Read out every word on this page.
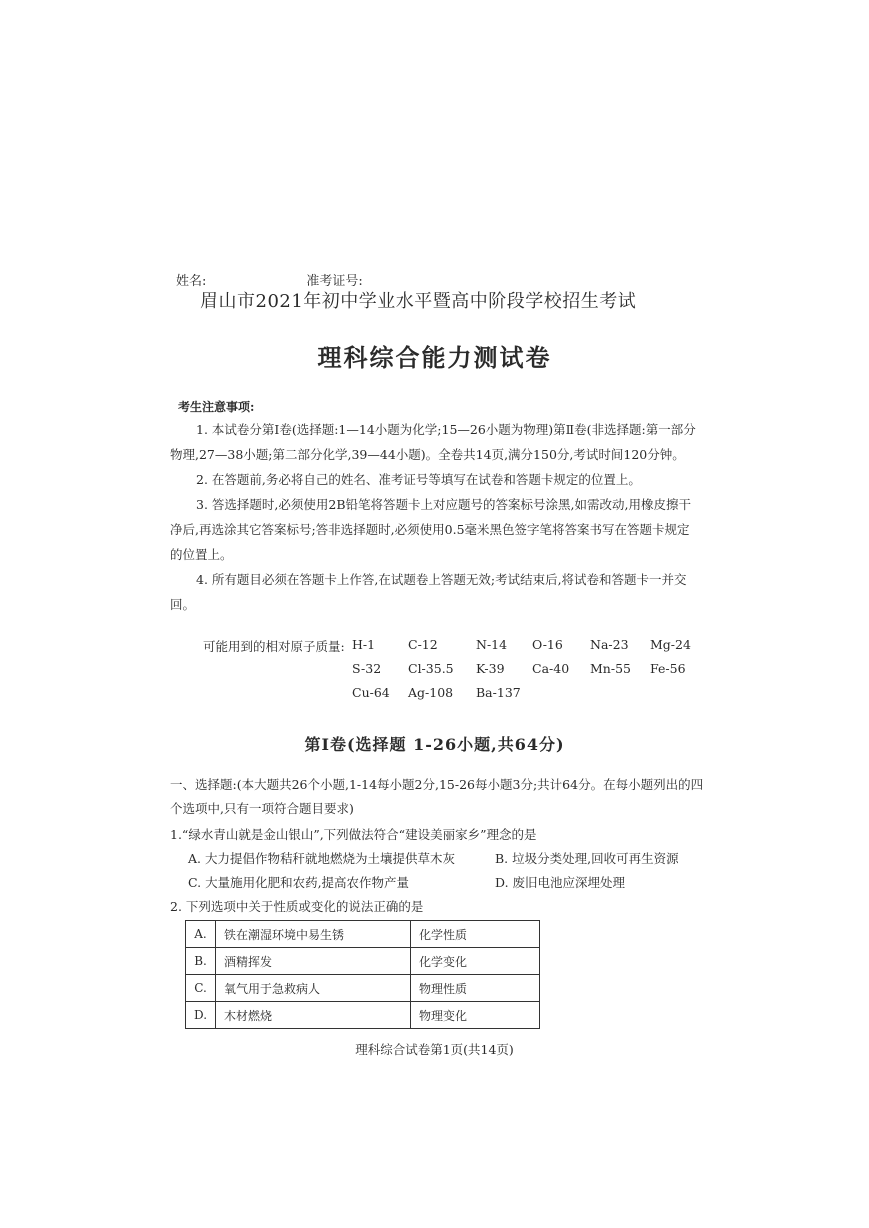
姓名:	准考证号:
眉山市2021年初中学业水平暨高中阶段学校招生考试
理科综合能力测试卷
考生注意事项:

1. 本试卷分第Ⅰ卷(选择题:1—14小题为化学;15—26小题为物理)第Ⅱ卷(非选择题:第一部分物理,27—38小题;第二部分化学,39—44小题)。全卷共14页,满分150分,考试时间120分钟。

2. 在答题前,务必将自己的姓名、准考证号等填写在试卷和答题卡规定的位置上。

3. 答选择题时,必须使用2B铅笔将答题卡上对应题号的答案标号涂黑,如需改动,用橡皮擦干净后,再选涂其它答案标号;答非选择题时,必须使用0.5毫米黑色签字笔将答案书写在答题卡规定的位置上。

4. 所有题目必须在答题卡上作答,在试题卷上答题无效;考试结束后,将试卷和答题卡一并交回。

可能用到的相对原子质量: H-1	C-12	N-14 O-16 Na-23 Mg-24
S-32 Cl-35.5 K-39 Ca-40 Mn-55 Fe-56
Cu-64 Ag-108 Ba-137
第Ⅰ卷(选择题 1-26小题,共64分)
一、选择题:(本大题共26个小题,1-14每小题2分,15-26每小题3分;共计64分。在每小题列出的四个选项中,只有一项符合题目要求)
1.“绿水青山就是金山银山”,下列做法符合“建设美丽家乡”理念的是
A. 大力提倡作物秸秆就地燃烧为土壤提供草木灰	B. 垃圾分类处理,回收可再生资源
C. 大量施用化肥和农药,提高农作物产量	D. 废旧电池应深埋处理
2. 下列选项中关于性质或变化的说法正确的是
A.	铁在潮湿环境中易生锈	化学性质
B.	酒精挥发	化学变化
C.	氧气用于急救病人	物理性质
D.	木材燃烧	物理变化
理科综合试卷第1页(共14页)
